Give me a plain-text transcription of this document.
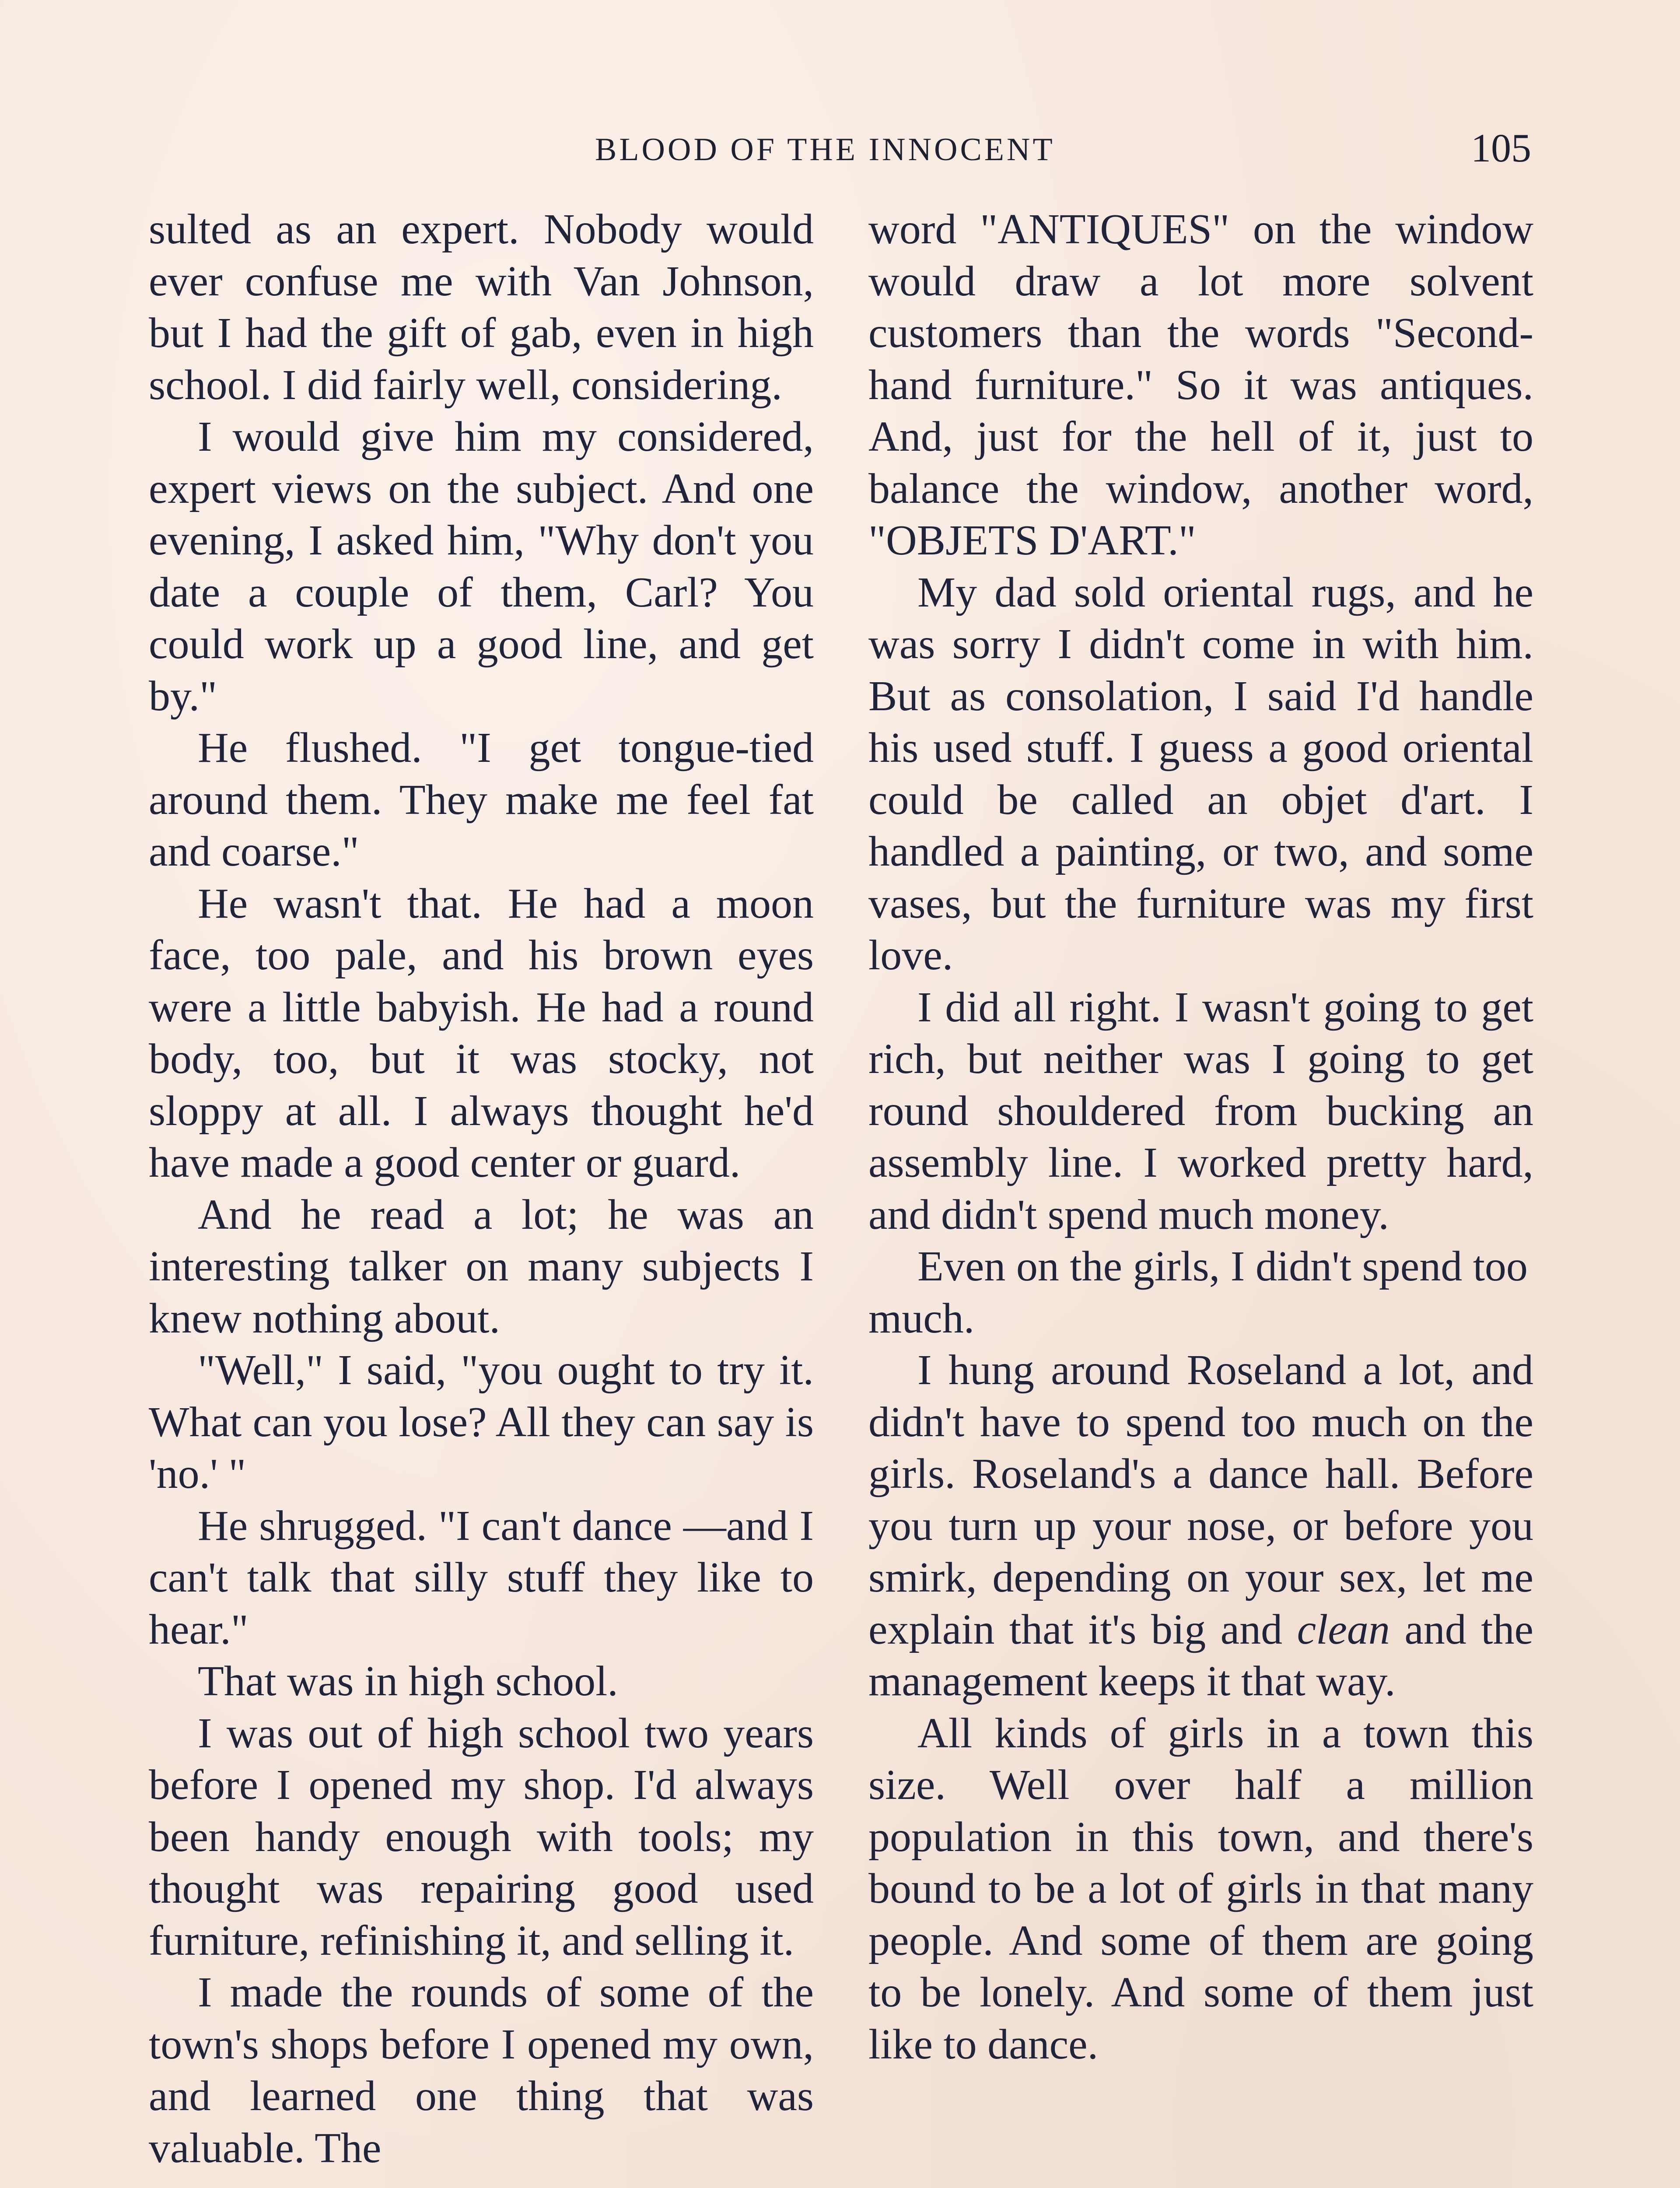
BLOOD OF THE INNOCENT	105

sulted as an expert. Nobody would ever confuse me with Van Johnson, but I had the gift of gab, even in high school. I did fairly well, considering.

I would give him my considered, expert views on the subject. And one evening, I asked him, "Why don't you date a couple of them, Carl? You could work up a good line, and get by."

He flushed. "I get tongue-tied around them. They make me feel fat and coarse."

He wasn't that. He had a moon face, too pale, and his brown eyes were a little babyish. He had a round body, too, but it was stocky, not sloppy at all. I always thought he'd have made a good center or guard.

And he read a lot; he was an interesting talker on many subjects I knew nothing about.

"Well," I said, "you ought to try it. What can you lose? All they can say is 'no.' "

He shrugged. "I can't dance —and I can't talk that silly stuff they like to hear."

That was in high school.

I was out of high school two years before I opened my shop. I'd always been handy enough with tools; my thought was repairing good used furniture, refinishing it, and selling it.

I made the rounds of some of the town's shops before I opened my own, and learned one thing that was valuable. The

word "ANTIQUES" on the window would draw a lot more solvent customers than the words "Second-hand furniture." So it was antiques. And, just for the hell of it, just to balance the window, another word, "OBJETS D'ART."

My dad sold oriental rugs, and he was sorry I didn't come in with him. But as consolation, I said I'd handle his used stuff. I guess a good oriental could be called an objet d'art. I handled a painting, or two, and some vases, but the furniture was my first love.

I did all right. I wasn't going to get rich, but neither was I going to get round shouldered from bucking an assembly line. I worked pretty hard, and didn't spend much money.

Even on the girls, I didn't spend too much.

I hung around Roseland a lot, and didn't have to spend too much on the girls. Roseland's a dance hall. Before you turn up your nose, or before you smirk, depending on your sex, let me explain that it's big and clean and the management keeps it that way.

All kinds of girls in a town this size. Well over half a million population in this town, and there's bound to be a lot of girls in that many people. And some of them are going to be lonely. And some of them just like to dance.
